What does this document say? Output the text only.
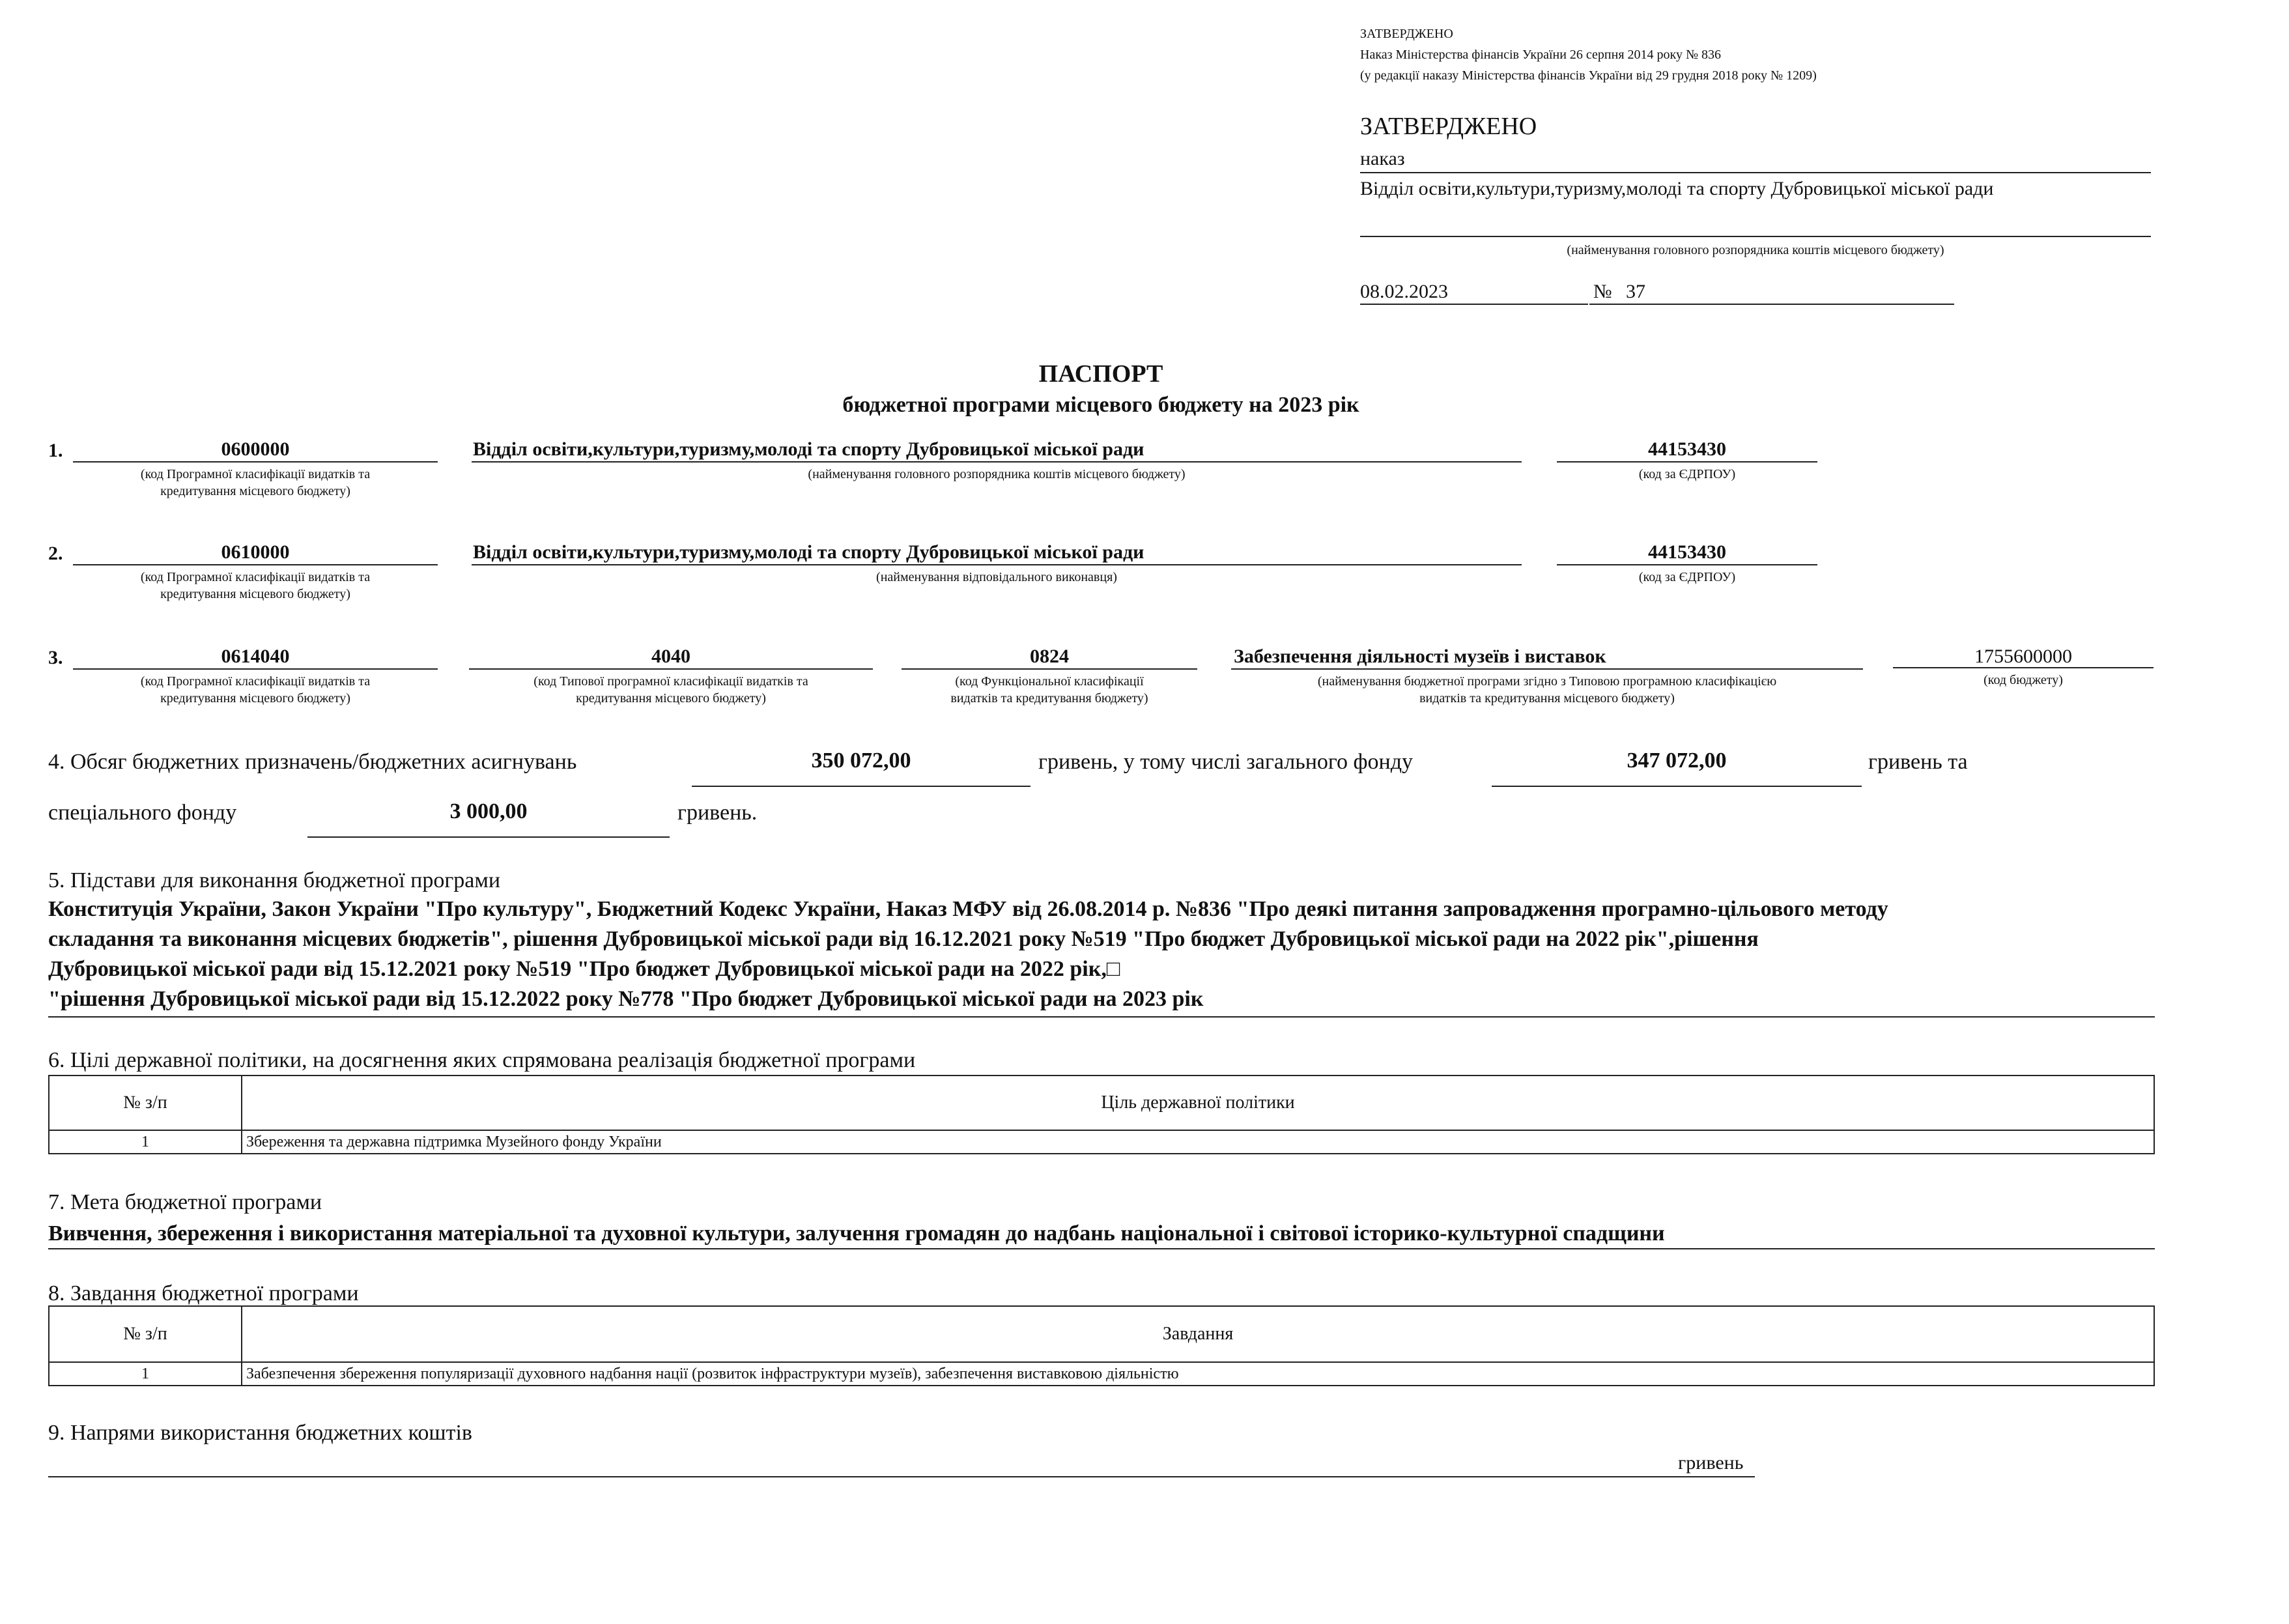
ЗАТВЕРДЖЕНО
Наказ Міністерства фінансів України 26 серпня 2014 року № 836
(у редакції наказу Міністерства фінансів України від 29 грудня 2018 року № 1209)
ЗАТВЕРДЖЕНО
наказ
Відділ освіти,культури,туризму,молоді та спорту Дубровицької міської ради
(найменування головного розпорядника коштів місцевого бюджету)
08.02.2023	№ 37
ПАСПОРТ
бюджетної програми місцевого бюджету на 2023 рік
1.	0600000
(код Програмної класифікації видатків та
кредитування місцевого бюджету)
Відділ освіти,культури,туризму,молоді та спорту Дубровицької міської ради
(найменування головного розпорядника коштів місцевого бюджету)
44153430
(код за ЄДРПОУ)
2.	0610000
(код Програмної класифікації видатків та
кредитування місцевого бюджету)
Відділ освіти,культури,туризму,молоді та спорту Дубровицької міської ради
(найменування відповідального виконавця)
44153430
(код за ЄДРПОУ)
3.	0614040
(код Програмної класифікації видатків та
кредитування місцевого бюджету)
4040
(код Типової програмної класифікації видатків та
кредитування місцевого бюджету)
0824
(код Функціональної класифікації
видатків та кредитування бюджету)
Забезпечення діяльності музеїв і виставок
(найменування бюджетної програми згідно з Типовою програмною класифікацією
видатків та кредитування місцевого бюджету)
1755600000
(код бюджету)
4. Обсяг бюджетних призначень/бюджетних асигнувань	350 072,00	гривень, у тому числі загального фонду	347 072,00	гривень та
спеціального фонду	3 000,00	гривень.
5. Підстави для виконання бюджетної програми
Конституція України, Закон України "Про культуру", Бюджетний Кодекс України, Наказ МФУ від 26.08.2014 р. №836 "Про деякі питання запровадження програмно-цільового методу
складання та виконання місцевих бюджетів", рішення Дубровицької міської ради від 16.12.2021 року №519 "Про бюджет Дубровицької міської ради на 2022 рік",рішення
Дубровицької міської ради від 15.12.2021 року №519 "Про бюджет Дубровицької міської ради на 2022 рік,□
"рішення Дубровицької міської ради від 15.12.2022 року №778 "Про бюджет Дубровицької міської ради на 2023 рік
6. Цілі державної політики, на досягнення яких спрямована реалізація бюджетної програми
№ з/п	Ціль державної політики
1	Збереження та державна підтримка Музейного фонду України
7. Мета бюджетної програми
Вивчення, збереження і використання матеріальної та духовної культури, залучення громадян до надбань національної і світової історико-культурної спадщини
8. Завдання бюджетної програми
№ з/п	Завдання
1	Забезпечення збереження популяризації духовного надбання нації (розвиток інфраструктури музеїв), забезпечення виставковою діяльністю
9. Напрями використання бюджетних коштів
гривень
